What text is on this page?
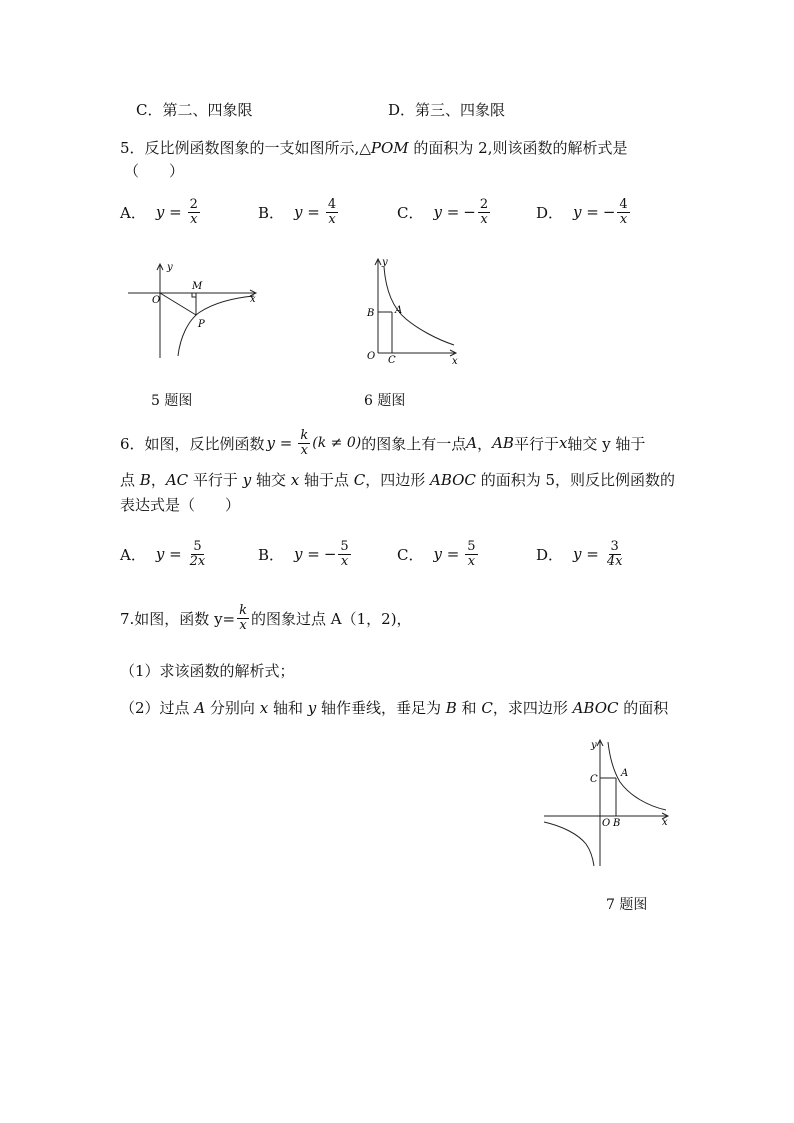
C．第二、四象限	D．第三、四象限
5．反比例函数图象的一支如图所示,△POM 的面积为 2,则该函数的解析式是
（　　）
A． $y = \frac{2}{x}$	B． $y = \frac{4}{x}$	C． y = − $\frac{2}{x}$	D． y = − $\frac{4}{x}$
y
x
O
M
P
5 题图
y
x
O
B A
C
6 题图
6．如图，反比例函数 $y = \frac{k}{x} (k \ne 0)$ 的图象上有一点 A ， AB 平行于 x 轴交 y 轴于
点 B，AC 平行于 y 轴交 x 轴于点 C，四边形 ABOC 的面积为 5，则反比例函数的
表达式是（　　）
A． $y = \frac{5}{2x}$	B． y = − $\frac{5}{x}$	C． $y = \frac{5}{x}$	D． $y = \frac{3}{4x}$
7.如图，函数 $y= \frac{k}{x}$ 的图象过点 A（1，2)，
（1）求该函数的解析式；
（2）过点 A 分别向 x 轴和 y 轴作垂线，垂足为 B 和 C，求四边形 ABOC 的面积
y
x
O B
C
A
7 题图
